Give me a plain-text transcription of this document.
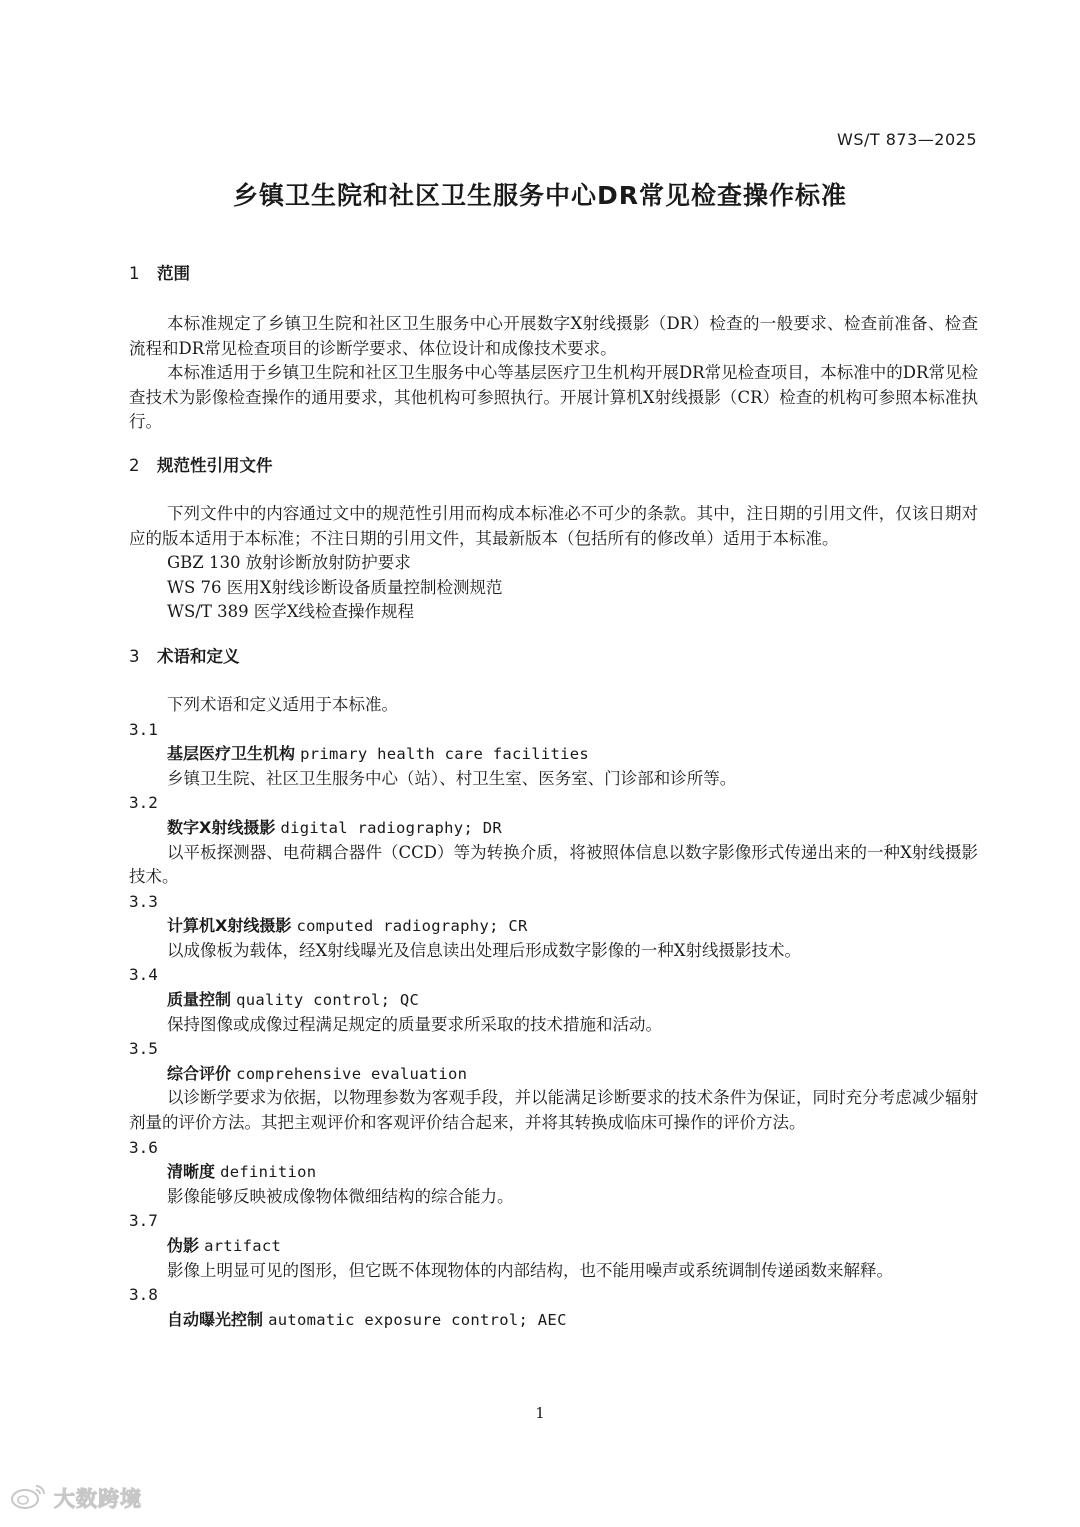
WS/T 873—2025
乡镇卫生院和社区卫生服务中心DR常见检查操作标准
1 范围

本标准规定了乡镇卫生院和社区卫生服务中心开展数字X射线摄影（DR）检查的一般要求、检查前准备、检查流程和DR常见检查项目的诊断学要求、体位设计和成像技术要求。

本标准适用于乡镇卫生院和社区卫生服务中心等基层医疗卫生机构开展DR常见检查项目，本标准中的DR常见检查技术为影像检查操作的通用要求，其他机构可参照执行。开展计算机X射线摄影（CR）检查的机构可参照本标准执行。

2 规范性引用文件

下列文件中的内容通过文中的规范性引用而构成本标准必不可少的条款。其中，注日期的引用文件，仅该日期对应的版本适用于本标准；不注日期的引用文件，其最新版本（包括所有的修改单）适用于本标准。

GBZ 130 放射诊断放射防护要求

WS 76 医用X射线诊断设备质量控制检测规范

WS/T 389 医学X线检查操作规程

3 术语和定义

下列术语和定义适用于本标准。

3.1
基层医疗卫生机构 primary health care facilities

乡镇卫生院、社区卫生服务中心（站）、村卫生室、医务室、门诊部和诊所等。

3.2
数字X射线摄影 digital radiography; DR

以平板探测器、电荷耦合器件（CCD）等为转换介质，将被照体信息以数字影像形式传递出来的一种X射线摄影技术。

3.3
计算机X射线摄影 computed radiography; CR

以成像板为载体，经X射线曝光及信息读出处理后形成数字影像的一种X射线摄影技术。

3.4
质量控制 quality control; QC

保持图像或成像过程满足规定的质量要求所采取的技术措施和活动。

3.5
综合评价 comprehensive evaluation

以诊断学要求为依据，以物理参数为客观手段，并以能满足诊断要求的技术条件为保证，同时充分考虑减少辐射剂量的评价方法。其把主观评价和客观评价结合起来，并将其转换成临床可操作的评价方法。

3.6
清晰度 definition

影像能够反映被成像物体微细结构的综合能力。

3.7
伪影 artifact

影像上明显可见的图形，但它既不体现物体的内部结构，也不能用噪声或系统调制传递函数来解释。

3.8
自动曝光控制 automatic exposure control; AEC
1
大数跨境
